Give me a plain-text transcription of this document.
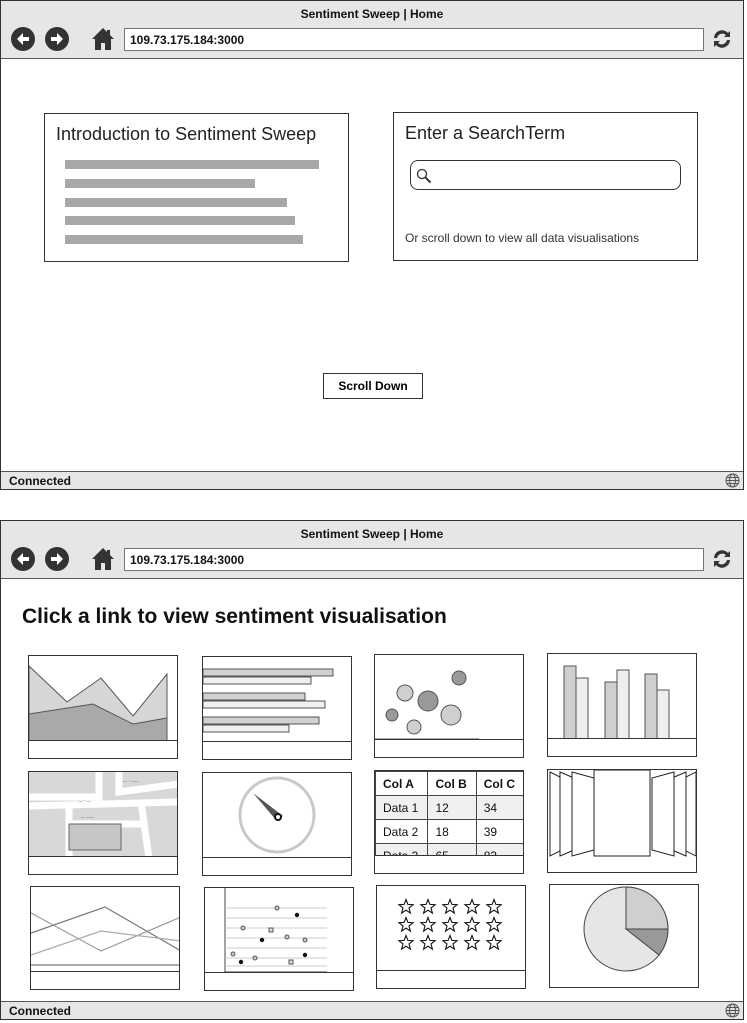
Sentiment Sweep | Home
109.73.175.184:3000
Introduction to Sentiment Sweep	Enter a SearchTerm
Or scroll down to view all data visualisations
Scroll Down
Connected
Sentiment Sweep | Home
109.73.175.184:3000
Click a link to view sentiment visualisation
— · ——
— · —
— ——
Col A	Col B	Col C
Data 1	12	34
Data 2	18	39

Connected
